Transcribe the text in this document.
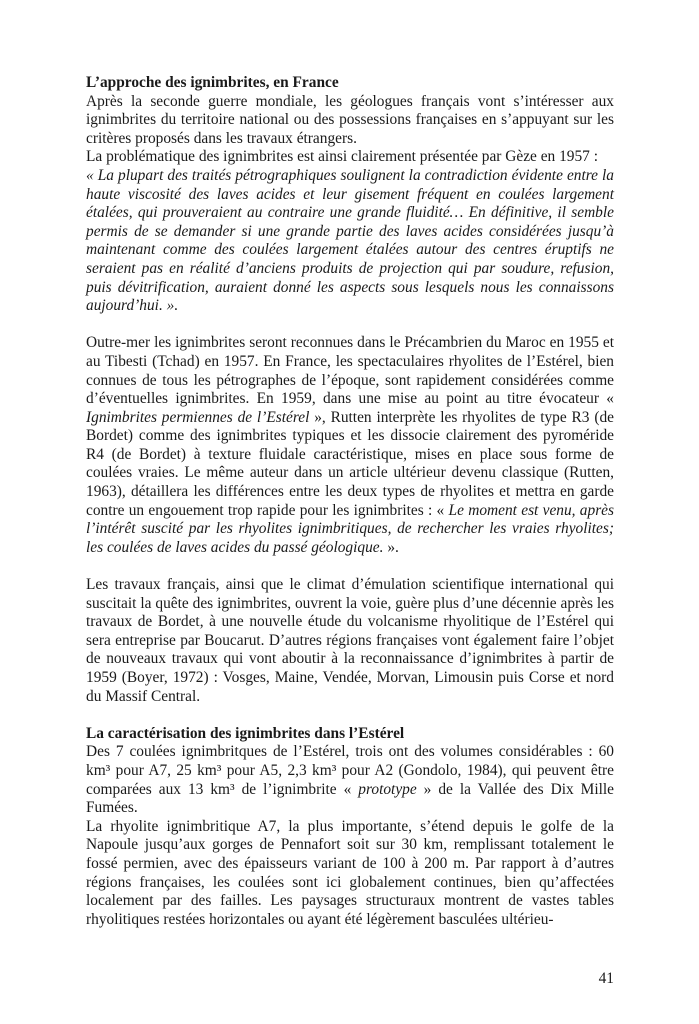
L’approche des ignimbrites, en France

Après la seconde guerre mondiale, les géologues français vont s’intéresser aux ignimbrites du territoire national ou des possessions françaises en s’appuyant sur les critères proposés dans les travaux étrangers.

La problématique des ignimbrites est ainsi clairement présentée par Gèze en 1957 :

« La plupart des traités pétrographiques soulignent la contradiction évidente entre la haute viscosité des laves acides et leur gisement fréquent en coulées largement étalées, qui prouveraient au contraire une grande fluidité… En définitive, il semble permis de se demander si une grande partie des laves acides considérées jusqu’à maintenant comme des coulées largement étalées autour des centres éruptifs ne seraient pas en réalité d’anciens produits de projection qui par soudure, refusion, puis dévitrification, auraient donné les aspects sous lesquels nous les connaissons aujourd’hui. ».

Outre-mer les ignimbrites seront reconnues dans le Précambrien du Maroc en 1955 et au Tibesti (Tchad) en 1957. En France, les spectaculaires rhyolites de l’Estérel, bien connues de tous les pétrographes de l’époque, sont rapidement considérées comme d’éventuelles ignimbrites. En 1959, dans une mise au point au titre évocateur « Ignimbrites permiennes de l’Estérel », Rutten interprète les rhyolites de type R3 (de Bordet) comme des ignimbrites typiques et les dissocie clairement des pyroméride R4 (de Bordet) à texture fluidale caractéristique, mises en place sous forme de coulées vraies. Le même auteur dans un article ultérieur devenu classique (Rutten, 1963), détaillera les différences entre les deux types de rhyolites et mettra en garde contre un engouement trop rapide pour les ignimbrites : « Le moment est venu, après l’intérêt suscité par les rhyolites ignimbritiques, de rechercher les vraies rhyolites; les coulées de laves acides du passé géologique. ».

Les travaux français, ainsi que le climat d’émulation scientifique international qui suscitait la quête des ignimbrites, ouvrent la voie, guère plus d’une décennie après les travaux de Bordet, à une nouvelle étude du volcanisme rhyolitique de l’Estérel qui sera entreprise par Boucarut. D’autres régions françaises vont également faire l’objet de nouveaux travaux qui vont aboutir à la reconnaissance d’ignimbrites à partir de 1959 (Boyer, 1972) : Vosges, Maine, Vendée, Morvan, Limousin puis Corse et nord du Massif Central.

La caractérisation des ignimbrites dans l’Estérel

Des 7 coulées ignimbritques de l’Estérel, trois ont des volumes considérables : 60 km³ pour A7, 25 km³ pour A5, 2,3 km³ pour A2 (Gondolo, 1984), qui peuvent être comparées aux 13 km³ de l’ignimbrite « prototype » de la Vallée des Dix Mille Fumées.

La rhyolite ignimbritique A7, la plus importante, s’étend depuis le golfe de la Napoule jusqu’aux gorges de Pennafort soit sur 30 km, remplissant totalement le fossé permien, avec des épaisseurs variant de 100 à 200 m. Par rapport à d’autres régions françaises, les coulées sont ici globalement continues, bien qu’affectées localement par des failles. Les paysages structuraux montrent de vastes tables rhyolitiques restées horizontales ou ayant été légèrement basculées ultérieu-

41
